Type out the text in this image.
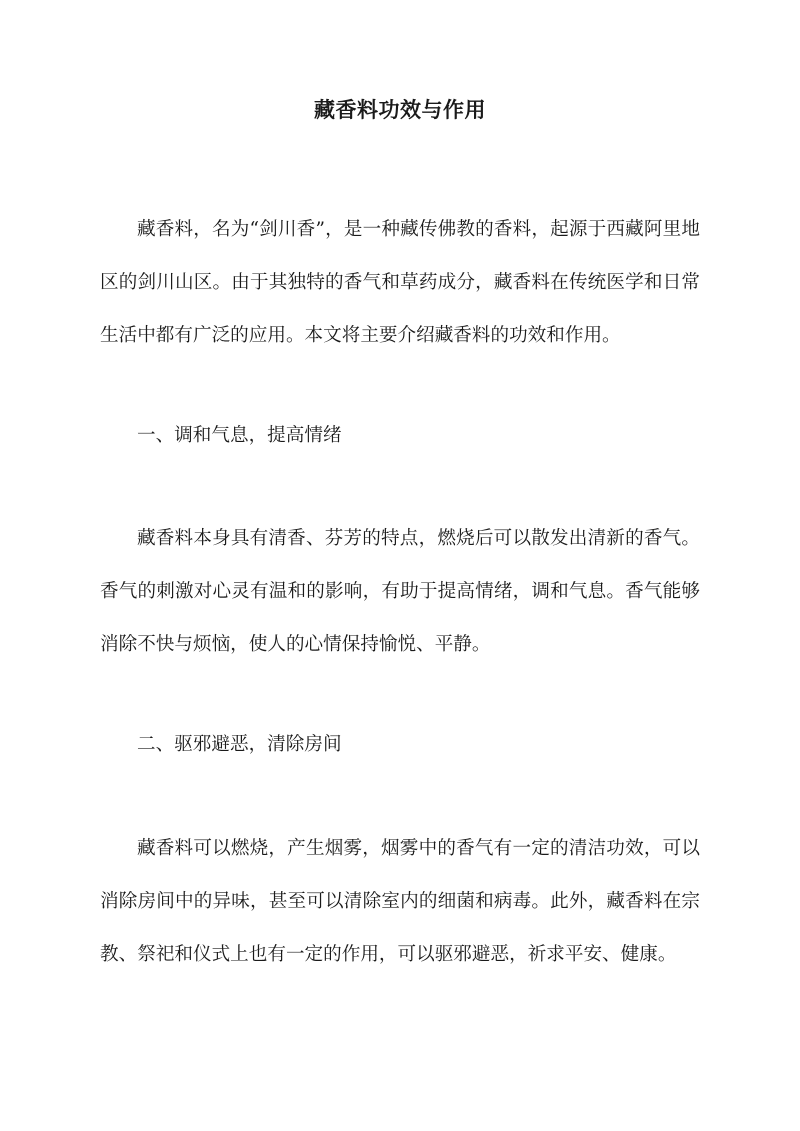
藏香料功效与作用

藏香料，名为“剑川香”，是一种藏传佛教的香料，起源于西藏阿里地区的剑川山区。由于其独特的香气和草药成分，藏香料在传统医学和日常生活中都有广泛的应用。本文将主要介绍藏香料的功效和作用。

一、调和气息，提高情绪

藏香料本身具有清香、芬芳的特点，燃烧后可以散发出清新的香气。香气的刺激对心灵有温和的影响，有助于提高情绪，调和气息。香气能够消除不快与烦恼，使人的心情保持愉悦、平静。

二、驱邪避恶，清除房间

藏香料可以燃烧，产生烟雾，烟雾中的香气有一定的清洁功效，可以消除房间中的异味，甚至可以清除室内的细菌和病毒。此外，藏香料在宗教、祭祀和仪式上也有一定的作用，可以驱邪避恶，祈求平安、健康。
